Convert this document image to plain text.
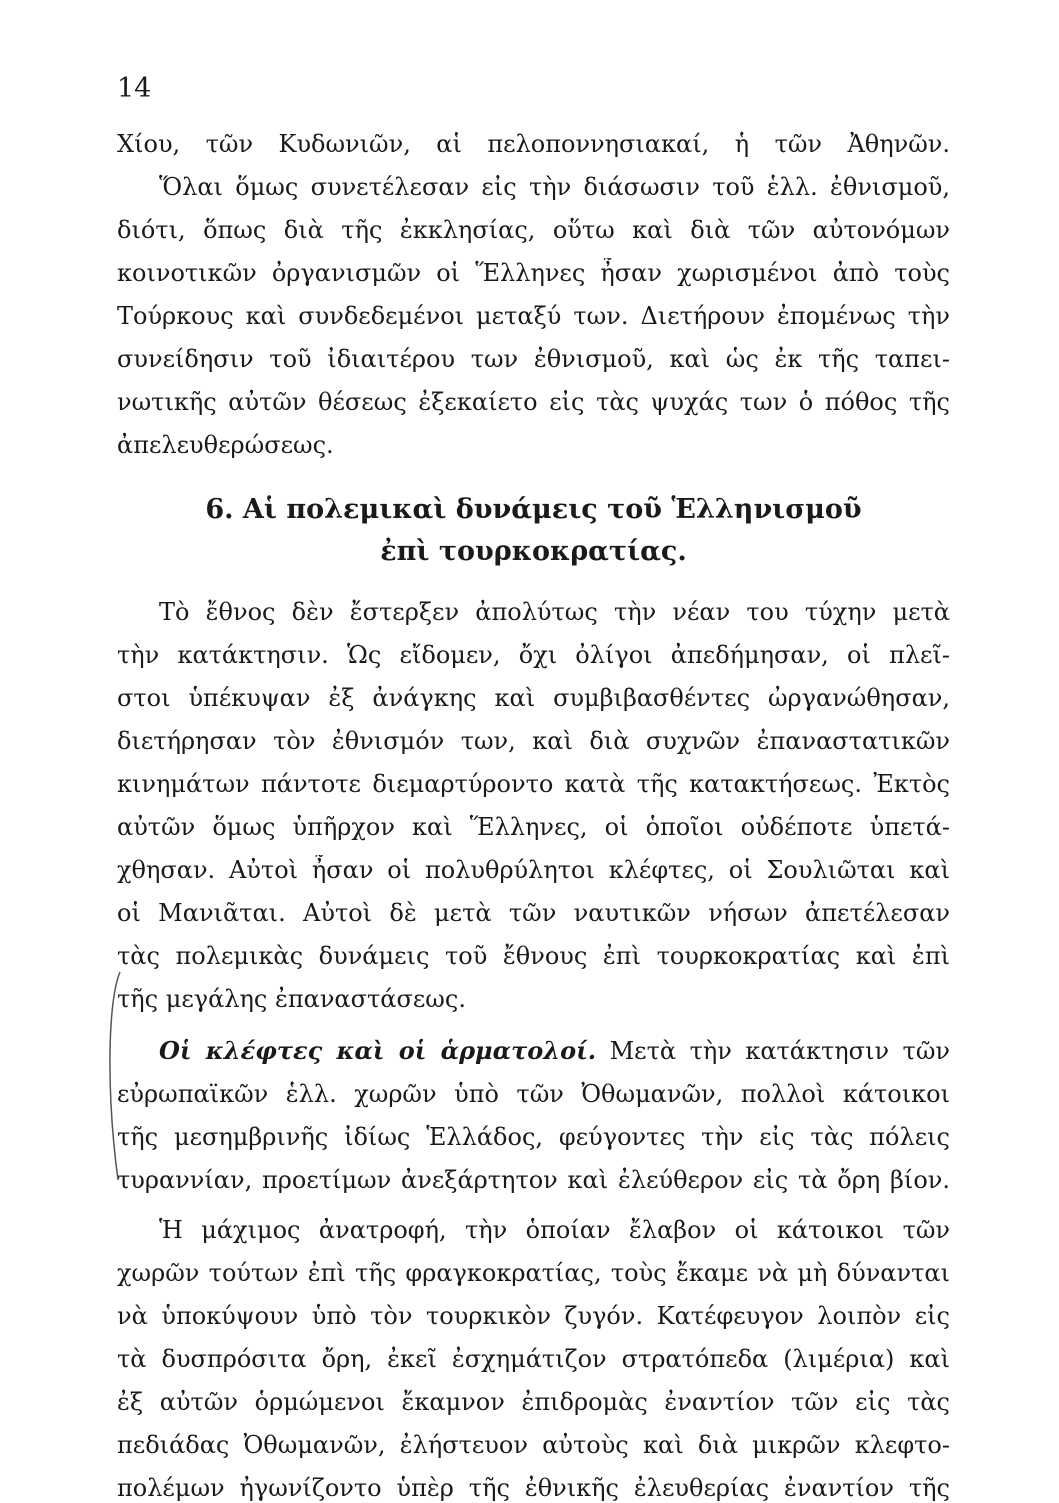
14
Χίου, τῶν Κυδωνιῶν, αἱ πελοποννησιακαί, ἡ τῶν Ἀθηνῶν.
Ὅλαι ὅμως συνετέλεσαν εἰς τὴν διάσωσιν τοῦ ἑλλ. ἐθνισμοῦ,
διότι, ὅπως διὰ τῆς ἐκκλησίας, οὕτω καὶ διὰ τῶν αὐτονόμων
κοινοτικῶν ὀργανισμῶν οἱ Ἕλληνες ἦσαν χωρισμένοι ἀπὸ τοὺς
Τούρκους καὶ συνδεδεμένοι μεταξύ των. Διετήρουν ἐπομένως τὴν
συνείδησιν τοῦ ἰδιαιτέρου των ἐθνισμοῦ, καὶ ὡς ἐκ τῆς ταπει-
νωτικῆς αὐτῶν θέσεως ἐξεκαίετο εἰς τὰς ψυχάς των ὁ πόθος τῆς
ἀπελευθερώσεως.
6. Αἱ πολεμικαὶ δυνάμεις τοῦ Ἑλληνισμοῦ
ἐπὶ τουρκοκρατίας.
Τὸ ἔθνος δὲν ἔστερξεν ἀπολύτως τὴν νέαν του τύχην μετὰ
τὴν κατάκτησιν. Ὡς εἴδομεν, ὄχι ὀλίγοι ἀπεδήμησαν, οἱ πλεῖ-
στοι ὑπέκυψαν ἐξ ἀνάγκης καὶ συμβιβασθέντες ὠργανώθησαν,
διετήρησαν τὸν ἐθνισμόν των, καὶ διὰ συχνῶν ἐπαναστατικῶν
κινημάτων πάντοτε διεμαρτύροντο κατὰ τῆς κατακτήσεως. Ἐκτὸς
αὐτῶν ὅμως ὑπῆρχον καὶ Ἕλληνες, οἱ ὁποῖοι οὐδέποτε ὑπετά-
χθησαν. Αὐτοὶ ἦσαν οἱ πολυθρύλητοι κλέφτες, οἱ Σουλιῶται καὶ
οἱ Μανιᾶται. Αὐτοὶ δὲ μετὰ τῶν ναυτικῶν νήσων ἀπετέλεσαν
τὰς πολεμικὰς δυνάμεις τοῦ ἔθνους ἐπὶ τουρκοκρατίας καὶ ἐπὶ
τῆς μεγάλης ἐπαναστάσεως.
Οἱ κλέφτες καὶ οἱ ἁρματολοί. Μετὰ τὴν κατάκτησιν τῶν
εὐρωπαϊκῶν ἑλλ. χωρῶν ὑπὸ τῶν Ὀθωμανῶν, πολλοὶ κάτοικοι
τῆς μεσημβρινῆς ἰδίως Ἑλλάδος, φεύγοντες τὴν εἰς τὰς πόλεις
τυραννίαν, προετίμων ἀνεξάρτητον καὶ ἐλεύθερον εἰς τὰ ὄρη βίον.
Ἡ μάχιμος ἀνατροφή, τὴν ὁποίαν ἔλαβον οἱ κάτοικοι τῶν
χωρῶν τούτων ἐπὶ τῆς φραγκοκρατίας, τοὺς ἔκαμε νὰ μὴ δύνανται
νὰ ὑποκύψουν ὑπὸ τὸν τουρκικὸν ζυγόν. Κατέφευγον λοιπὸν εἰς
τὰ δυσπρόσιτα ὄρη, ἐκεῖ ἐσχημάτιζον στρατόπεδα (λιμέρια) καὶ
ἐξ αὐτῶν ὁρμώμενοι ἔκαμνον ἐπιδρομὰς ἐναντίον τῶν εἰς τὰς
πεδιάδας Ὀθωμανῶν, ἐλήστευον αὐτοὺς καὶ διὰ μικρῶν κλεφτο-
πολέμων ἠγωνίζοντο ὑπὲρ τῆς ἐθνικῆς ἐλευθερίας ἐναντίον τῆς
